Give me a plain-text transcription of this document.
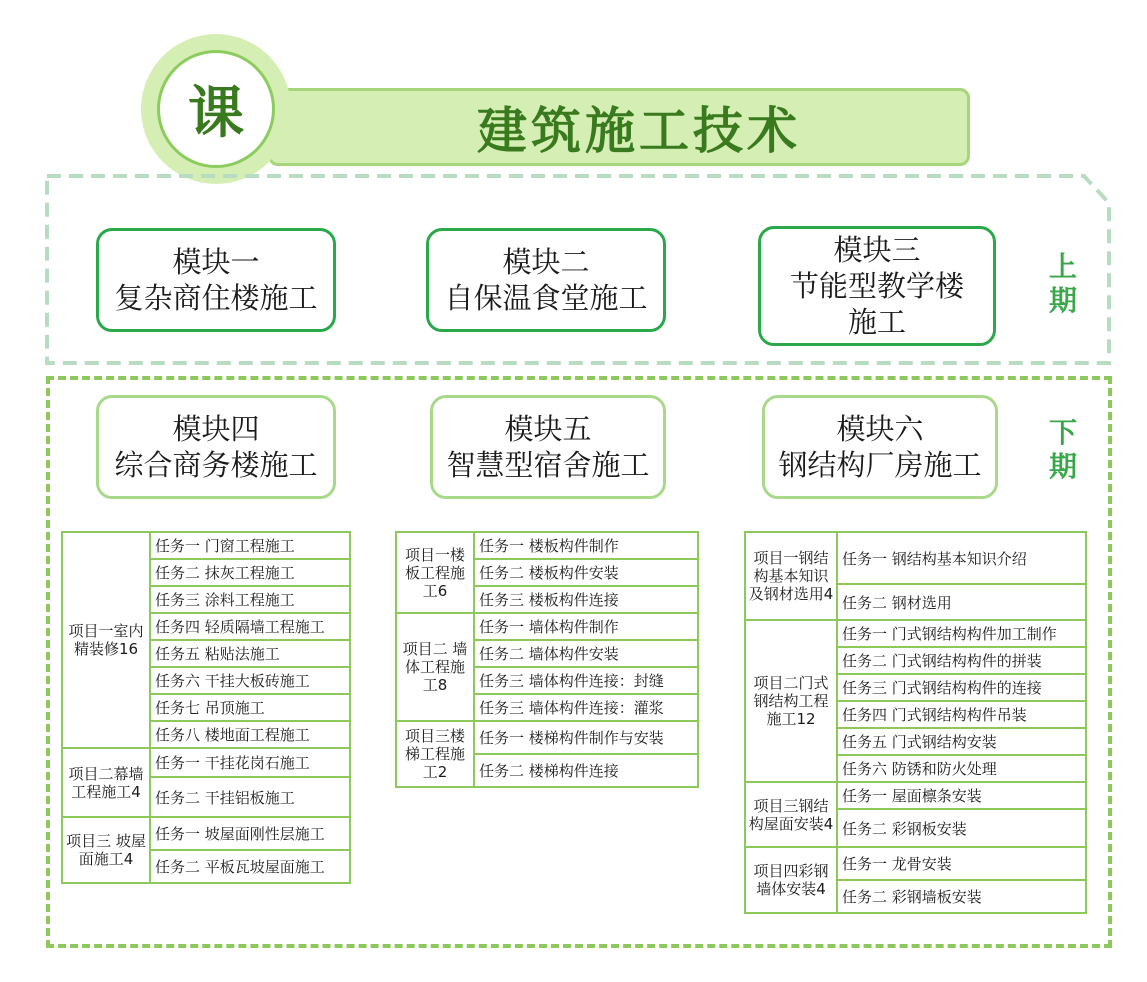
建筑施工技术
课
模块一
复杂商住楼施工
模块二
自保温食堂施工
模块三
节能型教学楼施工
上期
模块四
综合商务楼施工
模块五
智慧型宿舍施工
模块六
钢结构厂房施工
下期
项目一室内精装修16	任务一 门窗工程施工
	任务二 抹灰工程施工
	任务三 涂料工程施工
	任务四 轻质隔墙工程施工
	任务五 粘贴法施工
	任务六 干挂大板砖施工
	任务七 吊顶施工
	任务八 楼地面工程施工
项目二幕墙工程施工4	任务一 干挂花岗石施工
	任务二 干挂铝板施工
项目三 坡屋面施工4	任务一 坡屋面刚性层施工
	任务二 平板瓦坡屋面施工
项目一楼板工程施工6	任务一 楼板构件制作
	任务二 楼板构件安装
	任务三 楼板构件连接
项目二 墙体工程施工8	任务一 墙体构件制作
	任务二 墙体构件安装
	任务三 墙体构件连接：封缝
	任务三 墙体构件连接：灌浆
项目三楼梯工程施工2	任务一 楼梯构件制作与安装
	任务二 楼梯构件连接
项目一钢结构基本知识及钢材选用4	任务一 钢结构基本知识介绍
	任务二 钢材选用
项目二门式钢结构工程施工12	任务一 门式钢结构构件加工制作
	任务二 门式钢结构构件的拼装
	任务三 门式钢结构构件的连接
	任务四 门式钢结构构件吊装
	任务五 门式钢结构安装
	任务六 防锈和防火处理
项目三钢结构屋面安装4	任务一 屋面檩条安装
	任务二 彩钢板安装
项目四彩钢墙体安装4	任务一 龙骨安装
	任务二 彩钢墙板安装
